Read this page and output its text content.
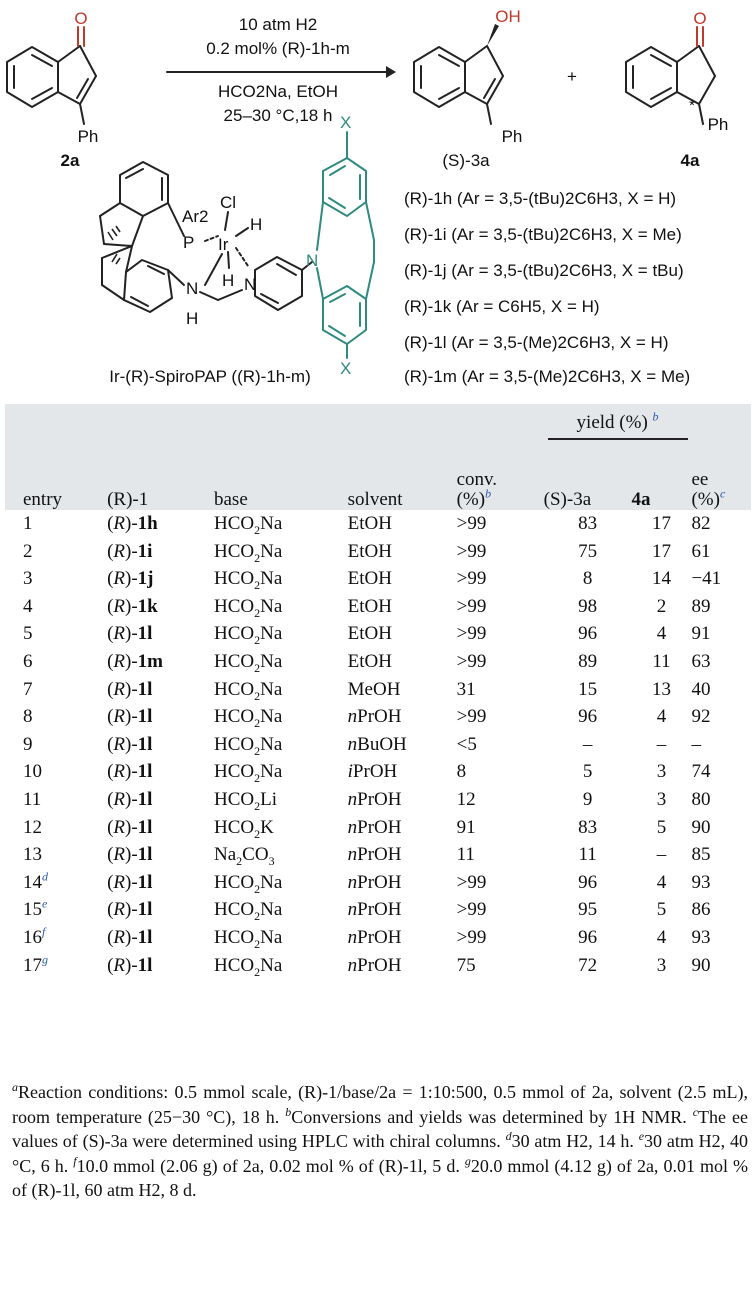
10 atm H2
0.2 mol% (R)-1h-m
HCO2Na, EtOH
25–30 °C,18 h
O
Ph
2a
OH
Ph
(S)-3a
+
O
*
Ph
4a
Ar2
P
Cl
Ir
H
H
N
H
N
N
X
X
Ir-(R)-SpiroPAP ((R)-1h-m)
(R)-1h (Ar = 3,5-(tBu)2C6H3, X = H)
(R)-1i (Ar = 3,5-(tBu)2C6H3, X = Me)
(R)-1j (Ar = 3,5-(tBu)2C6H3, X = tBu)
(R)-1k (Ar = C6H5, X = H)
(R)-1l (Ar = 3,5-(Me)2C6H3, X = H)
(R)-1m (Ar = 3,5-(Me)2C6H3, X = Me)
					yield (%) $^b$	
entry	(R)-1	base	solvent	conv.
(%)$^b$	(S)-3a	4a	ee
(%)$^c$
1	(R)-1h	$HCO_2Na$	EtOH	>99	83	17	82
2	(R)-1i	$HCO_2Na$	EtOH	>99	75	17	61
3	(R)-1j	$HCO_2Na$	EtOH	>99	8	14	−41
4	(R)-1k	$HCO_2Na$	EtOH	>99	98	2	89
5	(R)-1l	$HCO_2Na$	EtOH	>99	96	4	91
6	(R)-1m	$HCO_2Na$	EtOH	>99	89	11	63
7	(R)-1l	$HCO_2Na$	MeOH	31	15	13	40
8	(R)-1l	$HCO_2Na$	nPrOH	>99	96	4	92
9	(R)-1l	$HCO_2Na$	nBuOH	<5	–	–	–
10	(R)-1l	$HCO_2Na$	iPrOH	8	5	3	74
11	(R)-1l	$HCO_2Li$	nPrOH	12	9	3	80
12	(R)-1l	$HCO_2K$	nPrOH	91	83	5	90
13	(R)-1l	$Na_2CO_3$	nPrOH	11	11	–	85
14$^d$	(R)-1l	$HCO_2Na$	nPrOH	>99	96	4	93
15e	(R)-1l	$HCO_2Na$	nPrOH	>99	95	5	86
16$^f$	(R)-1l	$HCO_2Na$	nPrOH	>99	96	4	93
17$^g$	(R)-1l	$HCO_2Na$	nPrOH	75	72	3	90

$^a$Reaction conditions: 0.5 mmol scale, (R)-1/base/2a = 1:10:500, 0.5 mmol of 2a, solvent (2.5 mL), room temperature (25−30 °C), 18 h. $^b$Conversions and yields was determined by 1H NMR. $^c$The ee values of (S)-3a were determined using HPLC with chiral columns. $^d$30 atm H2, 14 h. $^e$30 atm H2, 40 °C, 6 h. $^f$10.0 mmol (2.06 g) of 2a, 0.02 mol % of (R)-1l, 5 d. $^g$20.0 mmol (4.12 g) of 2a, 0.01 mol % of (R)-1l, 60 atm H2, 8 d.
